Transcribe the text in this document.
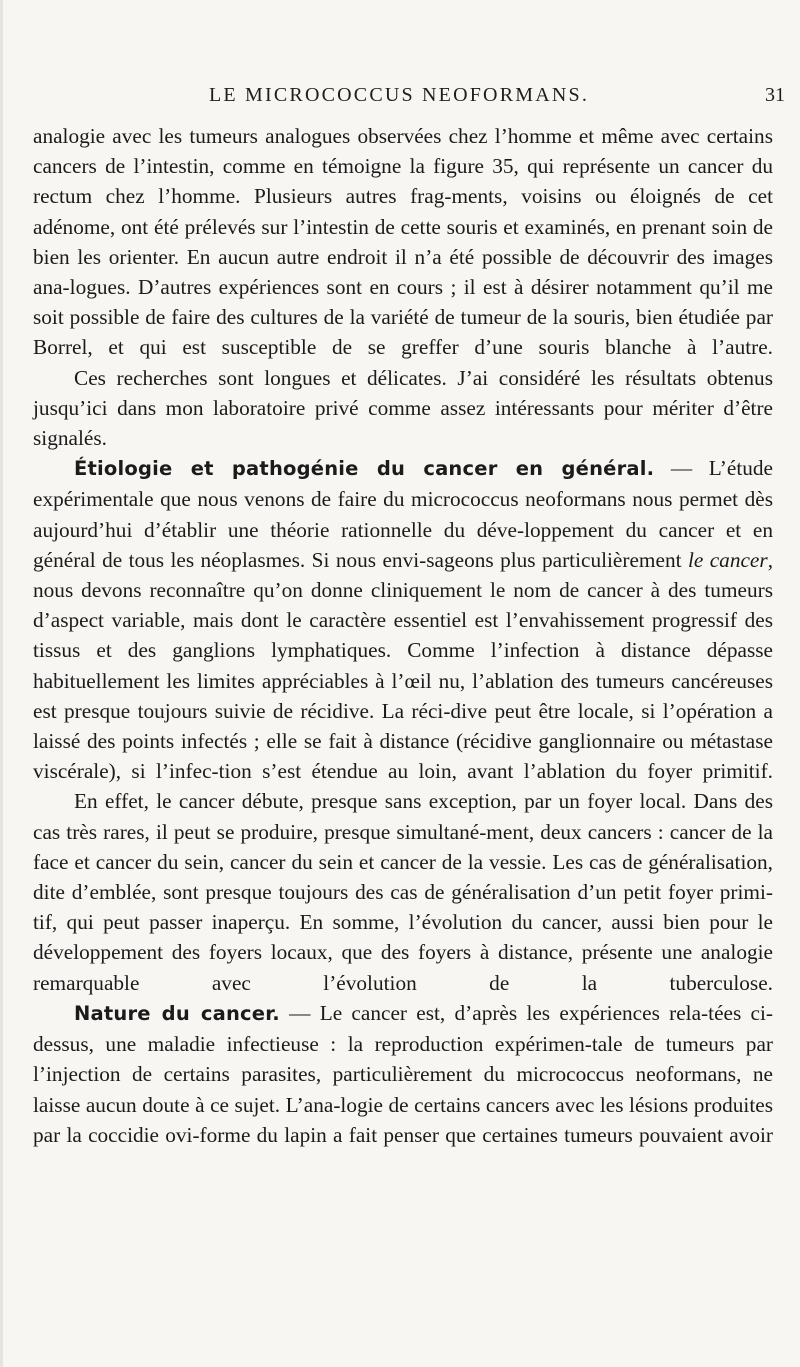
LE MICROCOCCUS NEOFORMANS.	31

analogie avec les tumeurs analogues observées chez l’homme et même avec certains cancers de l’intestin, comme en témoigne la figure 35, qui représente un cancer du rectum chez l’homme. Plusieurs autres frag-ments, voisins ou éloignés de cet adénome, ont été prélevés sur l’intestin de cette souris et examinés, en prenant soin de bien les orienter. En aucun autre endroit il n’a été possible de découvrir des images ana-logues. D’autres expériences sont en cours ; il est à désirer notamment qu’il me soit possible de faire des cultures de la variété de tumeur de la souris, bien étudiée par Borrel, et qui est susceptible de se greffer d’une souris blanche à l’autre.

Ces recherches sont longues et délicates. J’ai considéré les résultats obtenus jusqu’ici dans mon laboratoire privé comme assez intéressants pour mériter d’être signalés.

Étiologie et pathogénie du cancer en général. — L’étude expérimentale que nous venons de faire du micrococcus neoformans nous permet dès aujourd’hui d’établir une théorie rationnelle du déve-loppement du cancer et en général de tous les néoplasmes. Si nous envi-sageons plus particulièrement le cancer, nous devons reconnaître qu’on donne cliniquement le nom de cancer à des tumeurs d’aspect variable, mais dont le caractère essentiel est l’envahissement progressif des tissus et des ganglions lymphatiques. Comme l’infection à distance dépasse habituellement les limites appréciables à l’œil nu, l’ablation des tumeurs cancéreuses est presque toujours suivie de récidive. La réci-dive peut être locale, si l’opération a laissé des points infectés ; elle se fait à distance (récidive ganglionnaire ou métastase viscérale), si l’infec-tion s’est étendue au loin, avant l’ablation du foyer primitif.

En effet, le cancer débute, presque sans exception, par un foyer local. Dans des cas très rares, il peut se produire, presque simultané-ment, deux cancers : cancer de la face et cancer du sein, cancer du sein et cancer de la vessie. Les cas de généralisation, dite d’emblée, sont presque toujours des cas de généralisation d’un petit foyer primi-tif, qui peut passer inaperçu. En somme, l’évolution du cancer, aussi bien pour le développement des foyers locaux, que des foyers à distance, présente une analogie remarquable avec l’évolution de la tuberculose.

Nature du cancer. — Le cancer est, d’après les expériences rela-tées ci-dessus, une maladie infectieuse : la reproduction expérimen-tale de tumeurs par l’injection de certains parasites, particulièrement du micrococcus neoformans, ne laisse aucun doute à ce sujet. L’ana-logie de certains cancers avec les lésions produites par la coccidie ovi-forme du lapin a fait penser que certaines tumeurs pouvaient avoir
